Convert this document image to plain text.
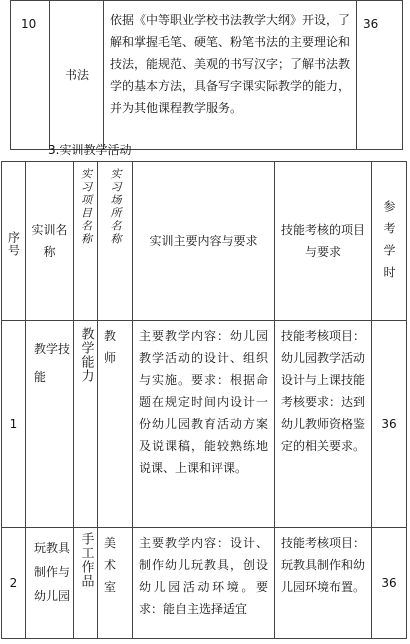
10	书法	依据《中等职业学校书法教学大纲》开设，了解和掌握毛笔、硬笔、粉笔书法的主要理论和技法，能规范、美观的书写汉字；了解书法教学的基本方法，具备写字课实际教学的能力，并为其他课程教学服务。	36
3.实训教学活动
序号	实训名称	实习项目名称	实习场所名称	实训主要内容与要求	技能考核的项目与要求	参考学时

1	教学技能	教学能力	教师	主要教学内容：幼儿园教学活动的设计、组织与实施。要求：根据命题在规定时间内设计一份幼儿园教育活动方案及说课稿，能较熟练地说课、上课和评课。	技能考核项目：幼儿园教学活动设计与上课技能考核要求：达到幼儿教师资格鉴定的相关要求。	36
2	玩教具制作与幼儿园	手工作品	美术室	主要教学内容：设计、制作幼儿玩教具，创设幼儿园活动环境。要求：能自主选择适宜	技能考核项目：玩教具制作和幼儿园环境布置。	36
